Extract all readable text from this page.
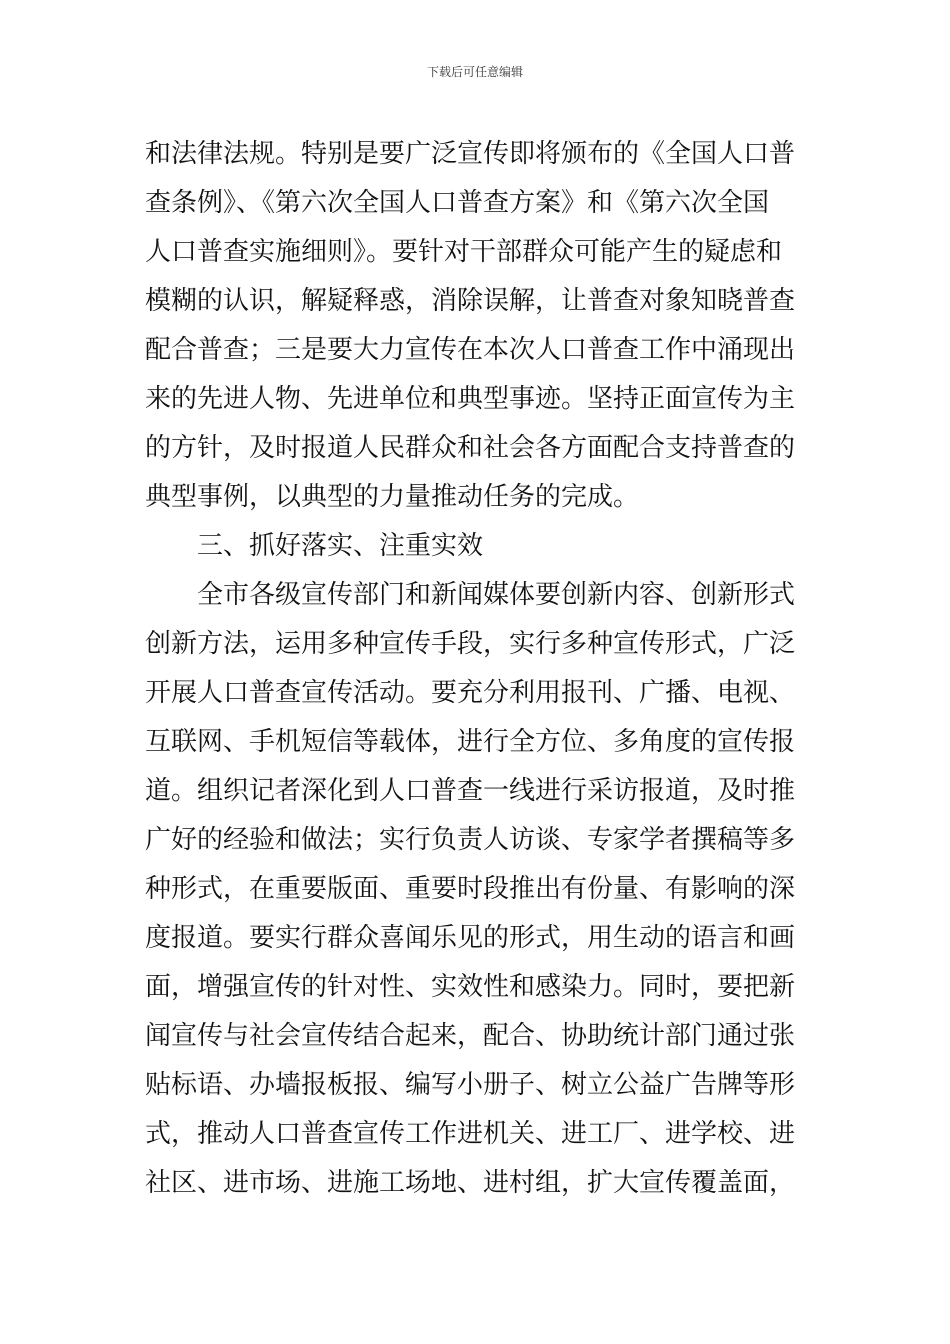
下载后可任意编辑
和法律法规。特别是要广泛宣传即将颁布的《全国人口普
查条例》、《第六次全国人口普查方案》和《第六次全国
人口普查实施细则》。要针对干部群众可能产生的疑虑和
模糊的认识，解疑释惑，消除误解，让普查对象知晓普查
配合普查；三是要大力宣传在本次人口普查工作中涌现出
来的先进人物、先进单位和典型事迹。坚持正面宣传为主
的方针，及时报道人民群众和社会各方面配合支持普查的
典型事例，以典型的力量推动任务的完成。
三、抓好落实、注重实效
全市各级宣传部门和新闻媒体要创新内容、创新形式
创新方法，运用多种宣传手段，实行多种宣传形式，广泛
开展人口普查宣传活动。要充分利用报刊、广播、电视、
互联网、手机短信等载体，进行全方位、多角度的宣传报
道。组织记者深化到人口普查一线进行采访报道，及时推
广好的经验和做法；实行负责人访谈、专家学者撰稿等多
种形式，在重要版面、重要时段推出有份量、有影响的深
度报道。要实行群众喜闻乐见的形式，用生动的语言和画
面，增强宣传的针对性、实效性和感染力。同时，要把新
闻宣传与社会宣传结合起来，配合、协助统计部门通过张
贴标语、办墙报板报、编写小册子、树立公益广告牌等形
式，推动人口普查宣传工作进机关、进工厂、进学校、进
社区、进市场、进施工场地、进村组，扩大宣传覆盖面，
